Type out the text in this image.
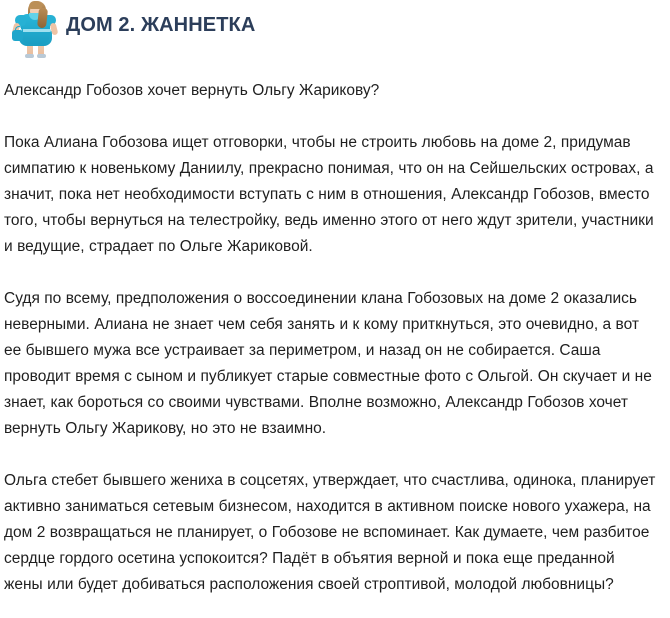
ДОМ 2. ЖАННЕТКА

Александр Гобозов хочет вернуть Ольгу Жарикову?

Пока Алиана Гобозова ищет отговорки, чтобы не строить любовь на доме 2, придумав симпатию к новенькому Даниилу, прекрасно понимая, что он на Сейшельских островах, а значит, пока нет необходимости вступать с ним в отношения, Александр Гобозов, вместо того, чтобы вернуться на телестройку, ведь именно этого от него ждут зрители, участники и ведущие, страдает по Ольге Жариковой.

Судя по всему, предположения о воссоединении клана Гобозовых на доме 2 оказались неверными. Алиана не знает чем себя занять и к кому приткнуться, это очевидно, а вот ее бывшего мужа все устраивает за периметром, и назад он не собирается. Саша проводит время с сыном и публикует старые совместные фото с Ольгой. Он скучает и не знает, как бороться со своими чувствами. Вполне возможно, Александр Гобозов хочет вернуть Ольгу Жарикову, но это не взаимно.

Ольга стебет бывшего жениха в соцсетях, утверждает, что счастлива, одинока, планирует активно заниматься сетевым бизнесом, находится в активном поиске нового ухажера, на дом 2 возвращаться не планирует, о Гобозове не вспоминает. Как думаете, чем разбитое сердце гордого осетина успокоится? Падёт в объятия верной и пока еще преданной жены или будет добиваться расположения своей строптивой, молодой любовницы?
